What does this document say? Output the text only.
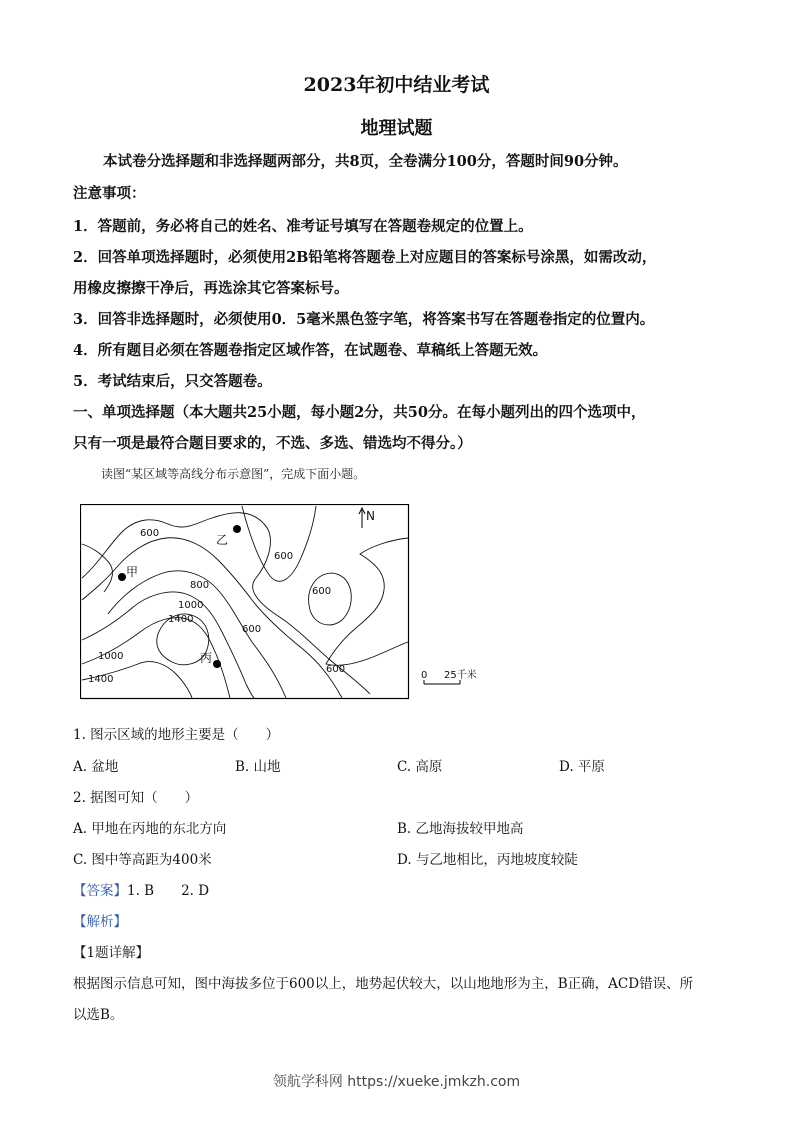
2023年初中结业考试
地理试题
本试卷分选择题和非选择题两部分，共8页，全卷满分100分，答题时间90分钟。
注意事项：
1．答题前，务必将自己的姓名、准考证号填写在答题卷规定的位置上。
2．回答单项选择题时，必须使用2B铅笔将答题卷上对应题目的答案标号涂黑，如需改动，
用橡皮擦擦干净后，再选涂其它答案标号。
3．回答非选择题时，必须使用0．5毫米黑色签字笔，将答案书写在答题卷指定的位置内。
4．所有题目必须在答题卷指定区域作答，在试题卷、草稿纸上答题无效。
5．考试结束后，只交答题卷。
一、单项选择题（本大题共25小题，每小题2分，共50分。在每小题列出的四个选项中，
只有一项是最符合题目要求的，不选、多选、错选均不得分。）
读图“某区域等高线分布示意图”，完成下面小题。
600
600
600
600
600
800
1000
1000
1400
1400
乙
甲
丙
N
0 25千米
1. 图示区域的地形主要是（　　）
A. 盆地	B. 山地	C. 高原	D. 平原
2. 据图可知（　　）
A. 甲地在丙地的东北方向	B. 乙地海拔较甲地高
C. 图中等高距为400米	D. 与乙地相比，丙地坡度较陡
【答案】1. B　　2. D
【解析】
【1题详解】
根据图示信息可知，图中海拔多位于600以上，地势起伏较大，以山地地形为主，B正确，ACD错误、所
以选B。
领航学科网 https://xueke.jmkzh.com
